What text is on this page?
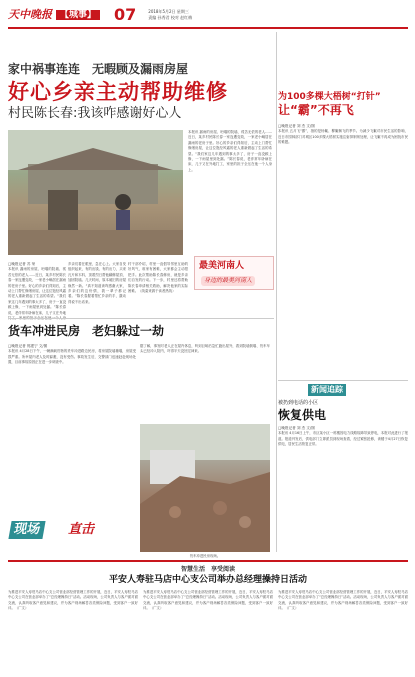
天中晚报 【城事】 07	2018年5月2日 星期三
责编 孙秀君 校对 赵红梅
家中祸事连连　无暇顾及漏雨房屋
好心乡亲主动帮助维修
村民陈长春:我该咋感谢好心人
□晚报记者 苏 荣
本报讯 漏雨的房屋、坍塌的院墙、孤苦无依的老人……近日，某乡村民陈长春一家连遭变故，一家老小蜗居在漏雨的老房子里。好心的乡亲们得知后，主动上门帮忙修缮房屋，让这位饱经风霜的老人重新燃起了生活的希望。“我们家这几年遇到的事太多了，房子一直没顾上修，一下雨屋里到处漏。”陈长春说，老伴常年卧病在床，儿子又在外地
乡亲们看在眼里，急在心上。大家自发组织起来，有的出钱、有的出力，买来瓦片和木料，顶着烈日帮他翻修屋顶、加固院墙。几天时间，原本破旧的房屋焕然一新。“真不知道该咋感谢大家，乡亲们的这份情，我一辈子都记着。”陈长春握着帮忙乡亲的手，激动得说不出话来。
村干部介绍，村里一直倡导邻里互助的好风气，谁家有困难，大家都会主动搭把手。此次帮助陈长春修房，就是乡亲们自发的行动。下一步，村里还将帮助陈长春申请相关救助，解决他家的实际困难。（线索来源于读者热线）
本报讯 漏雨的房屋、坍塌的院墙、孤苦无依的老人……近日，某乡村民陈长春一家连遭变故，一家老小蜗居在漏雨的老房子里。好心的乡亲们得知后，主动上门帮忙修缮房屋，让这位饱经风霜的老人重新燃起了生活的希望。“我们家这几年遇到的事太多了，房子一直没顾上修，一下雨屋里到处漏。”陈长春说，老伴常年卧病在床，儿子又在外地打工，家里的担子全压在他一个人身上。
最美河南人
身边的最美河南人
为100多棵大梧树“打针”
让“霸”不再飞
□晚报记者 刘 杰 文/图
本报讯 五月飞“霸”，指的是杨絮、柳絮飘飞的季节。为减少飞絮对市民生活的影响，近日市园林部门对城区100多棵大梧树实施注射抑制剂处理，让飞絮不再成为困扰市民的难题。
货车冲进民房　老妇躲过一劫
□晚报记者 郭建宁 文/图
本报讯 4月28日下午，一辆满载货物的货车冲进路边民房，将房屋院墙撞塌，房屋受损严重。所幸屋内老人及时躲避，没有受伤。事故发生后，交警部门迅速赶赴现场处置，目前事故原因正在进一步调查中。
据了解，事发时老人正在屋内休息，听到巨响后急忙跑出屋外，看到院墙倒塌、货车车头已经冲入院内，吓得半天没回过神来。
货车冲进民房现场。
现场	直击
新闻追踪
被扔到电话的小区
恢复供电
□晚报记者 刘 杰 文/图
本报讯 4月16日上午，市区某小区一栋楼因电力线路故障导致停电，本报对此进行了报道。报道刊发后，供电部门立即派员到现场查看，经过紧张抢修，该楼于4月27日恢复供电，居民生活恢复正常。
智慧生活　享受阅读
平安人寿驻马店中心支公司举办总经理操持日活动
为推进平安人寿驻马店中心支公司营业部经营管理工作的开展，近日，平安人寿驻马店中心支公司在营业部举办了“总经理操持日”活动。活动现场，公司负责人与客户面对面交流，认真听取客户意见和建议，并为客户现场解答各类保险问题，受到客户一致好评。（广文）
为推进平安人寿驻马店中心支公司营业部经营管理工作的开展，近日，平安人寿驻马店中心支公司在营业部举办了“总经理操持日”活动。活动现场，公司负责人与客户面对面交流，认真听取客户意见和建议，并为客户现场解答各类保险问题，受到客户一致好评。（广文）
为推进平安人寿驻马店中心支公司营业部经营管理工作的开展，近日，平安人寿驻马店中心支公司在营业部举办了“总经理操持日”活动。活动现场，公司负责人与客户面对面交流，认真听取客户意见和建议，并为客户现场解答各类保险问题，受到客户一致好评。（广文）
